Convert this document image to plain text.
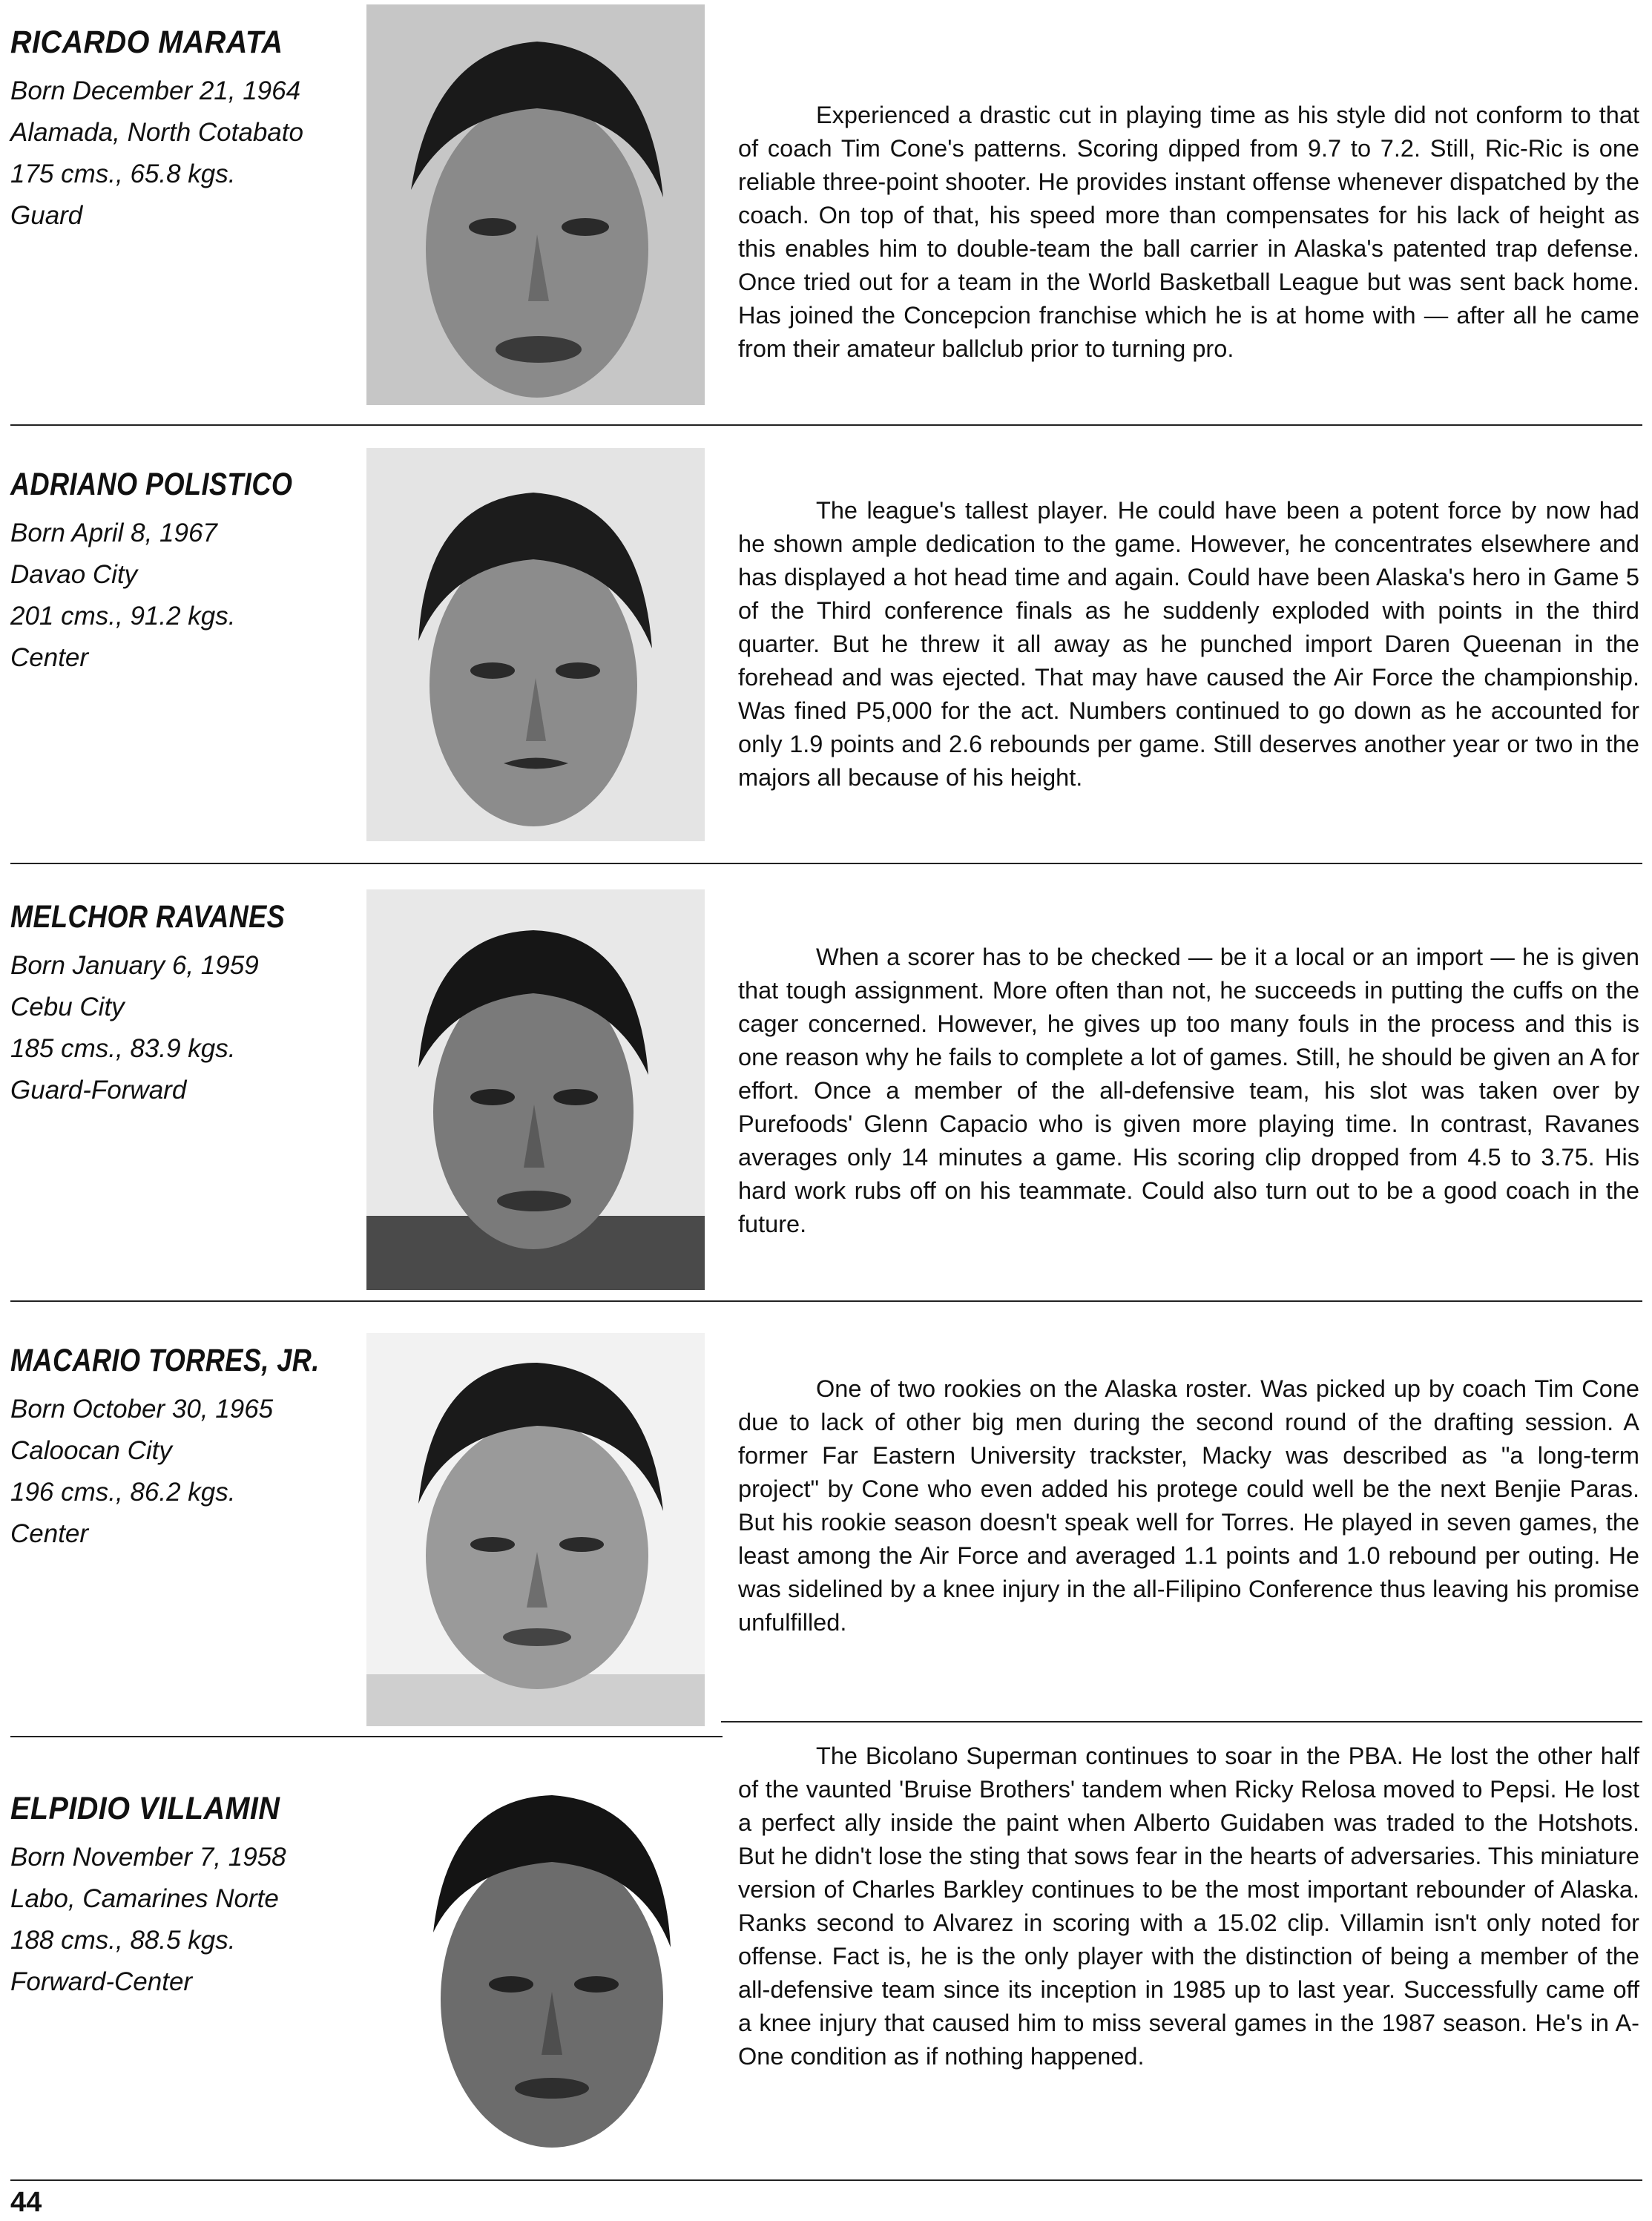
RICARDO MARATA
Born December 21, 1964
Alamada, North Cotabato
175 cms., 65.8 kgs.
Guard

Experienced a drastic cut in playing time as his style did not conform to that of coach Tim Cone's patterns. Scoring dipped from 9.7 to 7.2. Still, Ric-Ric is one reliable three-point shooter. He provides instant offense whenever dispatched by the coach. On top of that, his speed more than compensates for his lack of height as this enables him to double-team the ball carrier in Alaska's patented trap defense. Once tried out for a team in the World Basketball League but was sent back home. Has joined the Concepcion franchise which he is at home with — after all he came from their amateur ballclub prior to turning pro.

ADRIANO POLISTICO
Born April 8, 1967
Davao City
201 cms., 91.2 kgs.
Center

The league's tallest player. He could have been a potent force by now had he shown ample dedication to the game. However, he concentrates elsewhere and has displayed a hot head time and again. Could have been Alaska's hero in Game 5 of the Third conference finals as he suddenly exploded with points in the third quarter. But he threw it all away as he punched import Daren Queenan in the forehead and was ejected. That may have caused the Air Force the championship. Was fined P5,000 for the act. Numbers continued to go down as he accounted for only 1.9 points and 2.6 rebounds per game. Still deserves another year or two in the majors all because of his height.

MELCHOR RAVANES
Born January 6, 1959
Cebu City
185 cms., 83.9 kgs.
Guard-Forward

When a scorer has to be checked — be it a local or an import — he is given that tough assignment. More often than not, he succeeds in putting the cuffs on the cager concerned. However, he gives up too many fouls in the process and this is one reason why he fails to complete a lot of games. Still, he should be given an A for effort. Once a member of the all-defensive team, his slot was taken over by Purefoods' Glenn Capacio who is given more playing time. In contrast, Ravanes averages only 14 minutes a game. His scoring clip dropped from 4.5 to 3.75. His hard work rubs off on his teammate. Could also turn out to be a good coach in the future.

MACARIO TORRES, JR.
Born October 30, 1965
Caloocan City
196 cms., 86.2 kgs.
Center

One of two rookies on the Alaska roster. Was picked up by coach Tim Cone due to lack of other big men during the second round of the drafting session. A former Far Eastern University trackster, Macky was described as "a long-term project" by Cone who even added his protege could well be the next Benjie Paras. But his rookie season doesn't speak well for Torres. He played in seven games, the least among the Air Force and averaged 1.1 points and 1.0 rebound per outing. He was sidelined by a knee injury in the all-Filipino Conference thus leaving his promise unfulfilled.

ELPIDIO VILLAMIN
Born November 7, 1958
Labo, Camarines Norte
188 cms., 88.5 kgs.
Forward-Center

The Bicolano Superman continues to soar in the PBA. He lost the other half of the vaunted 'Bruise Brothers' tandem when Ricky Relosa moved to Pepsi. He lost a perfect ally inside the paint when Alberto Guidaben was traded to the Hotshots. But he didn't lose the sting that sows fear in the hearts of adversaries. This miniature version of Charles Barkley continues to be the most important rebounder of Alaska. Ranks second to Alvarez in scoring with a 15.02 clip. Villamin isn't only noted for offense. Fact is, he is the only player with the distinction of being a member of the all-defensive team since its inception in 1985 up to last year. Successfully came off a knee injury that caused him to miss several games in the 1987 season. He's in A-One condition as if nothing happened.

44
